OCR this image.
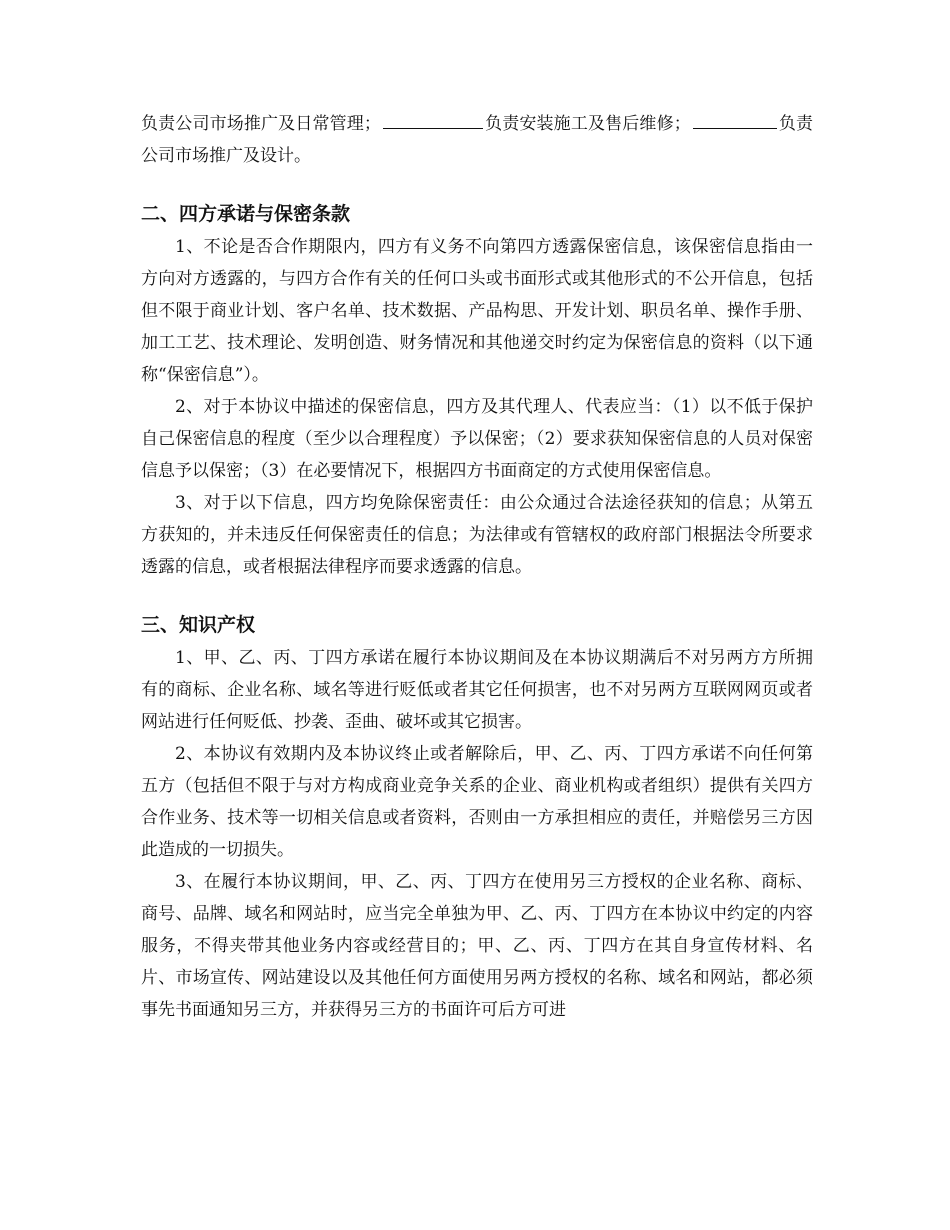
负责公司市场推广及日常管理；	负责安装施工及售后维修；	负责公司市场推广及设计。

二、四方承诺与保密条款

1、不论是否合作期限内，四方有义务不向第四方透露保密信息，该保密信息指由一方向对方透露的，与四方合作有关的任何口头或书面形式或其他形式的不公开信息，包括但不限于商业计划、客户名单、技术数据、产品构思、开发计划、职员名单、操作手册、加工工艺、技术理论、发明创造、财务情况和其他递交时约定为保密信息的资料（以下通称“保密信息”）。

2、对于本协议中描述的保密信息，四方及其代理人、代表应当：（1）以不低于保护自己保密信息的程度（至少以合理程度）予以保密；（2）要求获知保密信息的人员对保密信息予以保密；（3）在必要情况下，根据四方书面商定的方式使用保密信息。

3、对于以下信息，四方均免除保密责任：由公众通过合法途径获知的信息；从第五方获知的，并未违反任何保密责任的信息；为法律或有管辖权的政府部门根据法令所要求透露的信息，或者根据法律程序而要求透露的信息。

三、知识产权

1、甲、乙、丙、丁四方承诺在履行本协议期间及在本协议期满后不对另两方方所拥有的商标、企业名称、域名等进行贬低或者其它任何损害，也不对另两方互联网网页或者网站进行任何贬低、抄袭、歪曲、破坏或其它损害。

2、本协议有效期内及本协议终止或者解除后，甲、乙、丙、丁四方承诺不向任何第五方（包括但不限于与对方构成商业竞争关系的企业、商业机构或者组织）提供有关四方合作业务、技术等一切相关信息或者资料，否则由一方承担相应的责任，并赔偿另三方因此造成的一切损失。

3、在履行本协议期间，甲、乙、丙、丁四方在使用另三方授权的企业名称、商标、商号、品牌、域名和网站时，应当完全单独为甲、乙、丙、丁四方在本协议中约定的内容服务，不得夹带其他业务内容或经营目的；甲、乙、丙、丁四方在其自身宣传材料、名片、市场宣传、网站建设以及其他任何方面使用另两方授权的名称、域名和网站，都必须事先书面通知另三方，并获得另三方的书面许可后方可进
